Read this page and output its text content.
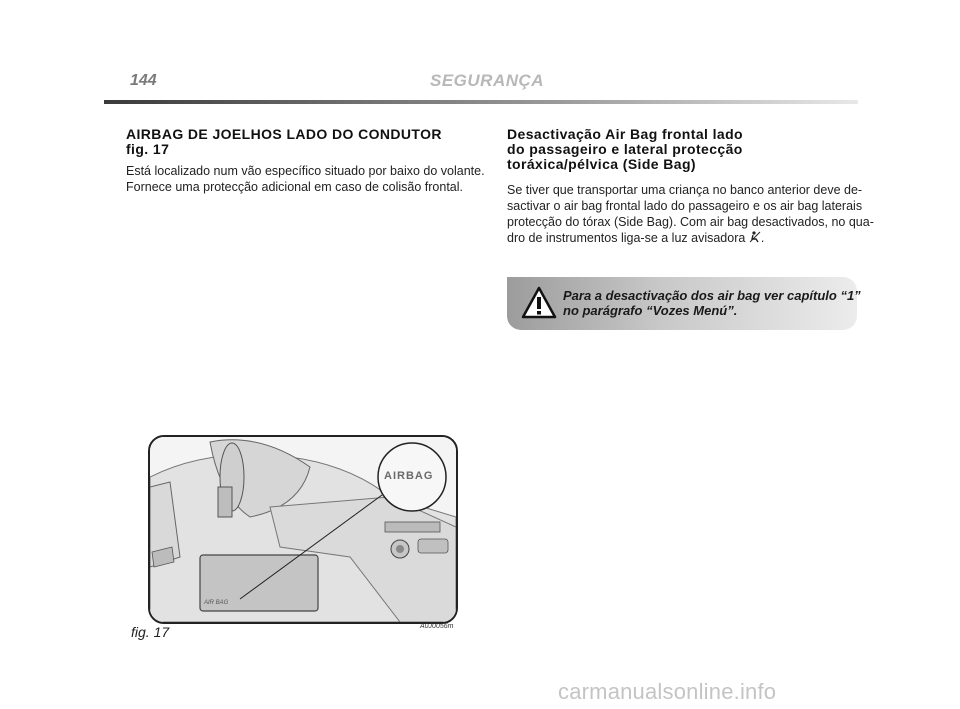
144	SEGURANÇA
AIRBAG DE JOELHOS LADO DO CONDUTOR
fig. 17
Está localizado num vão específico situado por baixo do volante.
Fornece uma protecção adicional em caso de colisão frontal.
Desactivação Air Bag frontal lado
do passageiro e lateral protecção
toráxica/pélvica (Side Bag)
Se tiver que transportar uma criança no banco anterior deve de-
sactivar o air bag frontal lado do passageiro e os air bag laterais
protecção do tórax (Side Bag). Com air bag desactivados, no qua-
dro de instrumentos liga-se a luz avisadora .
Para a desactivação dos air bag ver capítulo “1”
no parágrafo “Vozes Menú”.
AIRBAG
AIR BAG
fig. 17	A0J0056m
carmanualsonline.info
